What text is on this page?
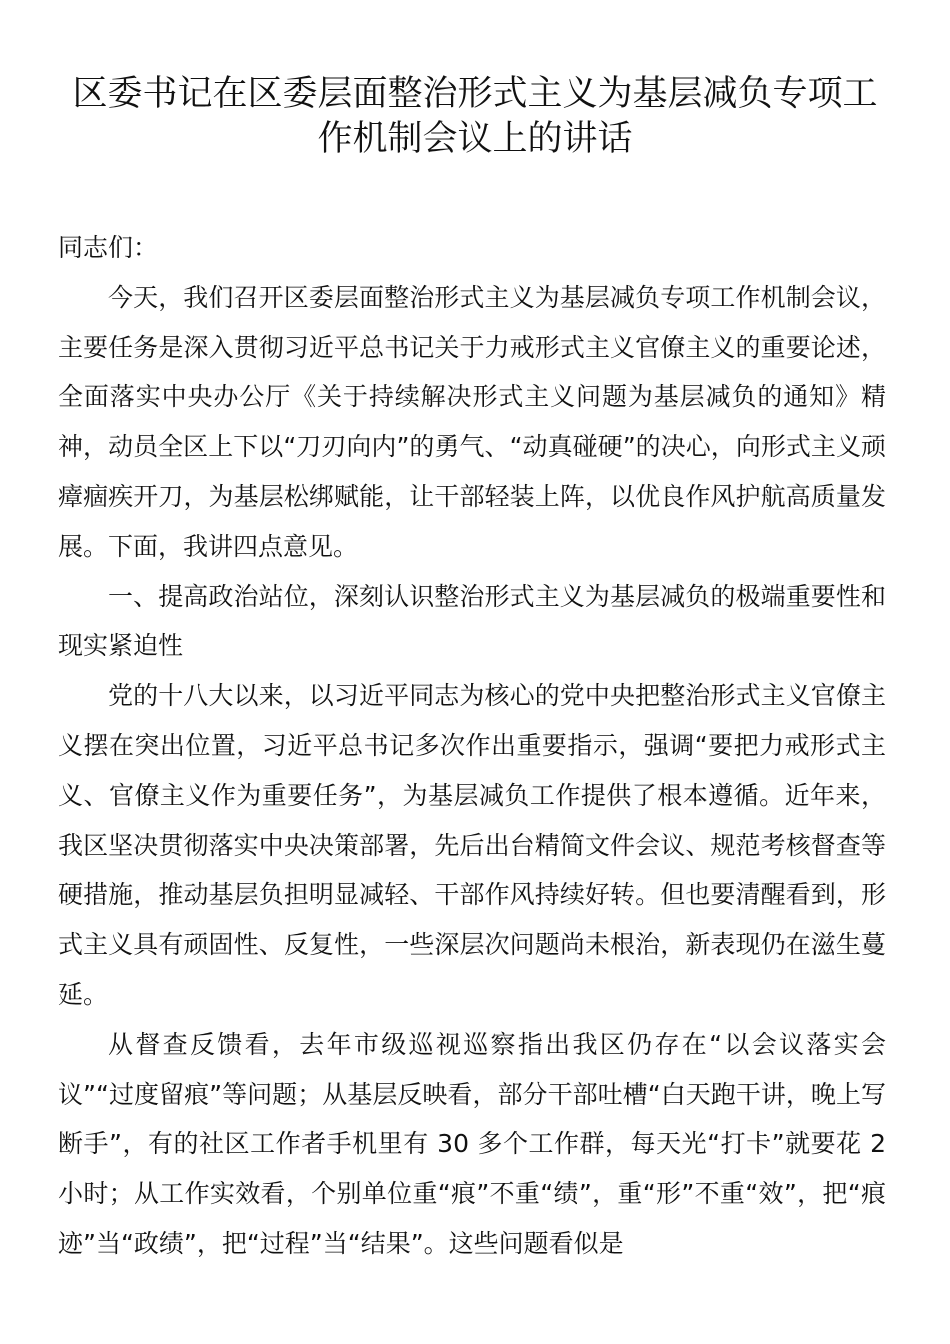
区委书记在区委层面整治形式主义为基层减负专项工作机制会议上的讲话

同志们：

今天，我们召开区委层面整治形式主义为基层减负专项工作机制会议，主要任务是深入贯彻习近平总书记关于力戒形式主义官僚主义的重要论述，全面落实中央办公厅《关于持续解决形式主义问题为基层减负的通知》精神，动员全区上下以“刀刃向内”的勇气、“动真碰硬”的决心，向形式主义顽瘴痼疾开刀，为基层松绑赋能，让干部轻装上阵，以优良作风护航高质量发展。下面，我讲四点意见。

一、提高政治站位，深刻认识整治形式主义为基层减负的极端重要性和现实紧迫性

党的十八大以来，以习近平同志为核心的党中央把整治形式主义官僚主义摆在突出位置，习近平总书记多次作出重要指示，强调“要把力戒形式主义、官僚主义作为重要任务”，为基层减负工作提供了根本遵循。近年来，我区坚决贯彻落实中央决策部署，先后出台精简文件会议、规范考核督查等硬措施，推动基层负担明显减轻、干部作风持续好转。但也要清醒看到，形式主义具有顽固性、反复性，一些深层次问题尚未根治，新表现仍在滋生蔓延。

从督查反馈看，去年市级巡视巡察指出我区仍存在“以会议落实会议”“过度留痕”等问题；从基层反映看，部分干部吐槽“白天跑干讲，晚上写断手”，有的社区工作者手机里有 30 多个工作群，每天光“打卡”就要花 2 小时；从工作实效看，个别单位重“痕”不重“绩”，重“形”不重“效”，把“痕迹”当“政绩”，把“过程”当“结果”。这些问题看似是
